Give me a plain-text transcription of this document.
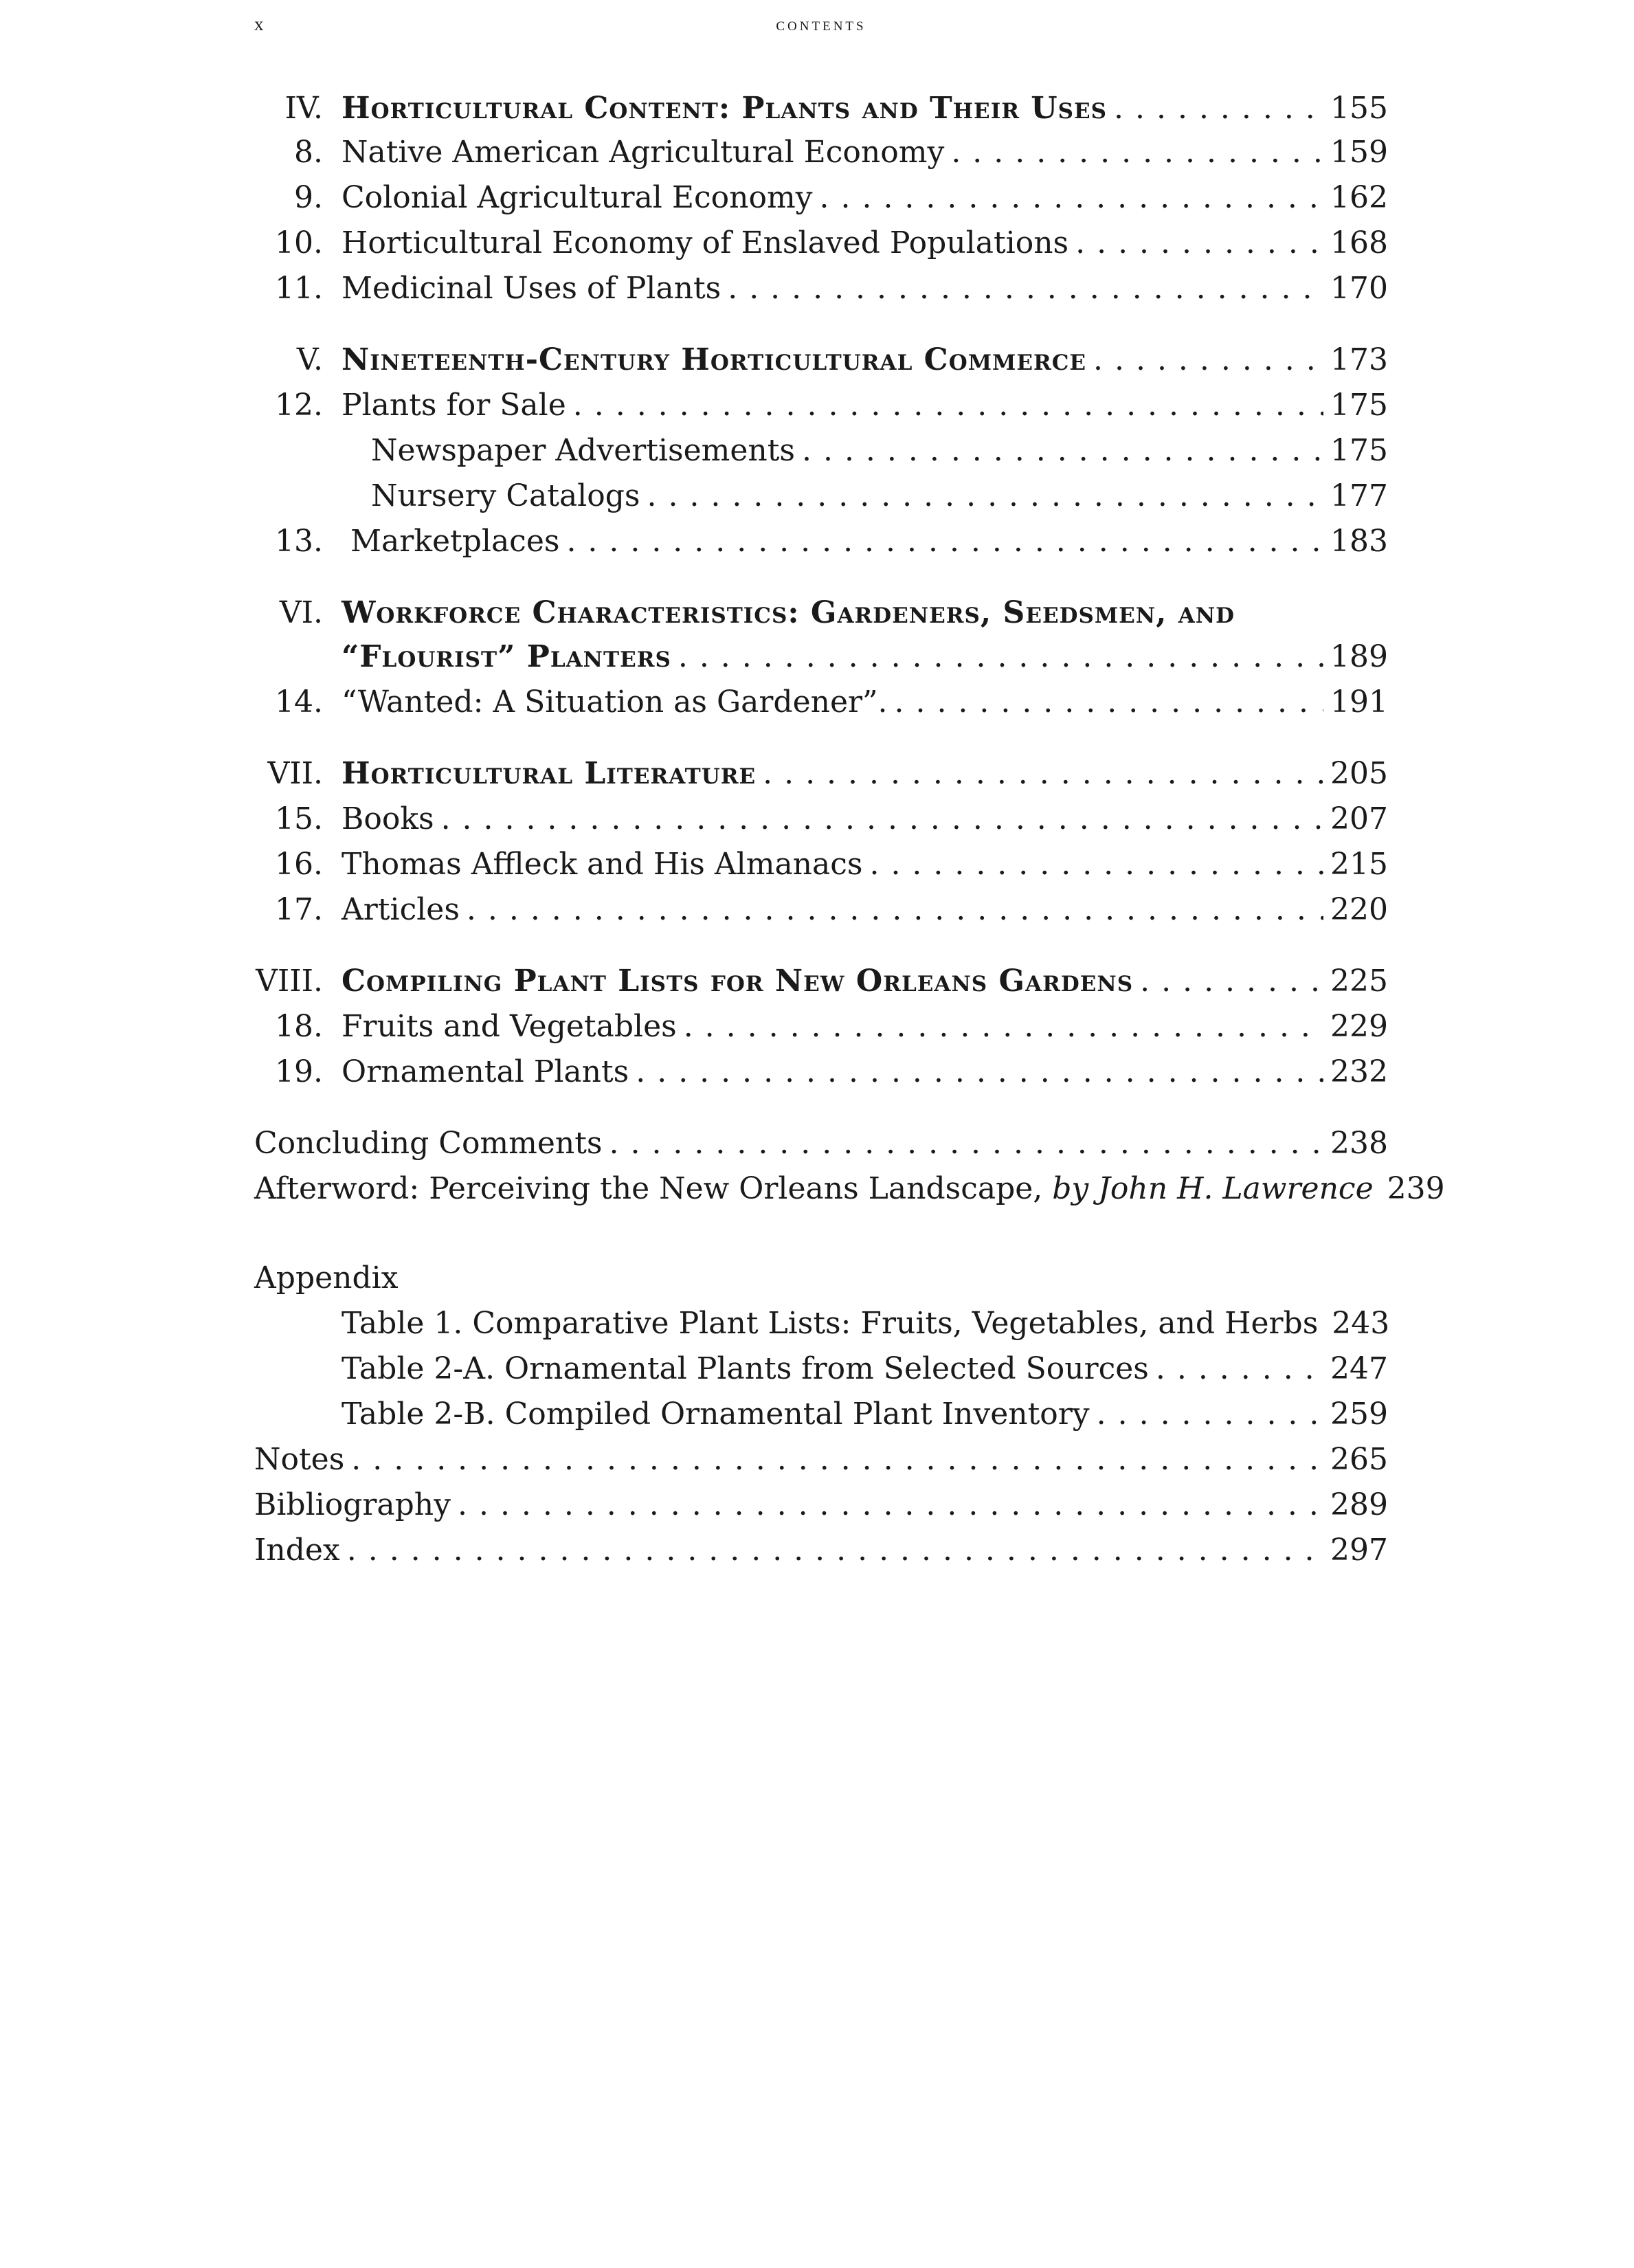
x	contents
IV. Horticultural Content: Plants and Their Uses . . .	155
8. Native American Agricultural Economy . . .	159
9. Colonial Agricultural Economy . . .	162
10. Horticultural Economy of Enslaved Populations . . .	168
11. Medicinal Uses of Plants . . .	170
V. Nineteenth-Century Horticultural Commerce . . .	173
12. Plants for Sale . . .	175
Newspaper Advertisements . . .	175
Nursery Catalogs . . .	177
13. Marketplaces . . .	183
VI. Workforce Characteristics: Gardeners, Seedsmen, and
“Flourist” Planters . . .	189
14. “Wanted: A Situation as Gardener”. . . .	191
VII. Horticultural Literature . . .	205
15. Books . . .	207
16. Thomas Affleck and His Almanacs . . .	215
17. Articles . . .	220
VIII. Compiling Plant Lists for New Orleans Gardens . . .	225
18. Fruits and Vegetables . . .	229
19. Ornamental Plants . . .	232
Concluding Comments . . .	238
Afterword: Perceiving the New Orleans Landscape, by John H. Lawrence 239
Appendix
Table 1. Comparative Plant Lists: Fruits, Vegetables, and Herbs 243
Table 2-A. Ornamental Plants from Selected Sources . . .	247
Table 2-B. Compiled Ornamental Plant Inventory . . .	259
Notes . . .	265
Bibliography . . .	289
Index . . .	297
